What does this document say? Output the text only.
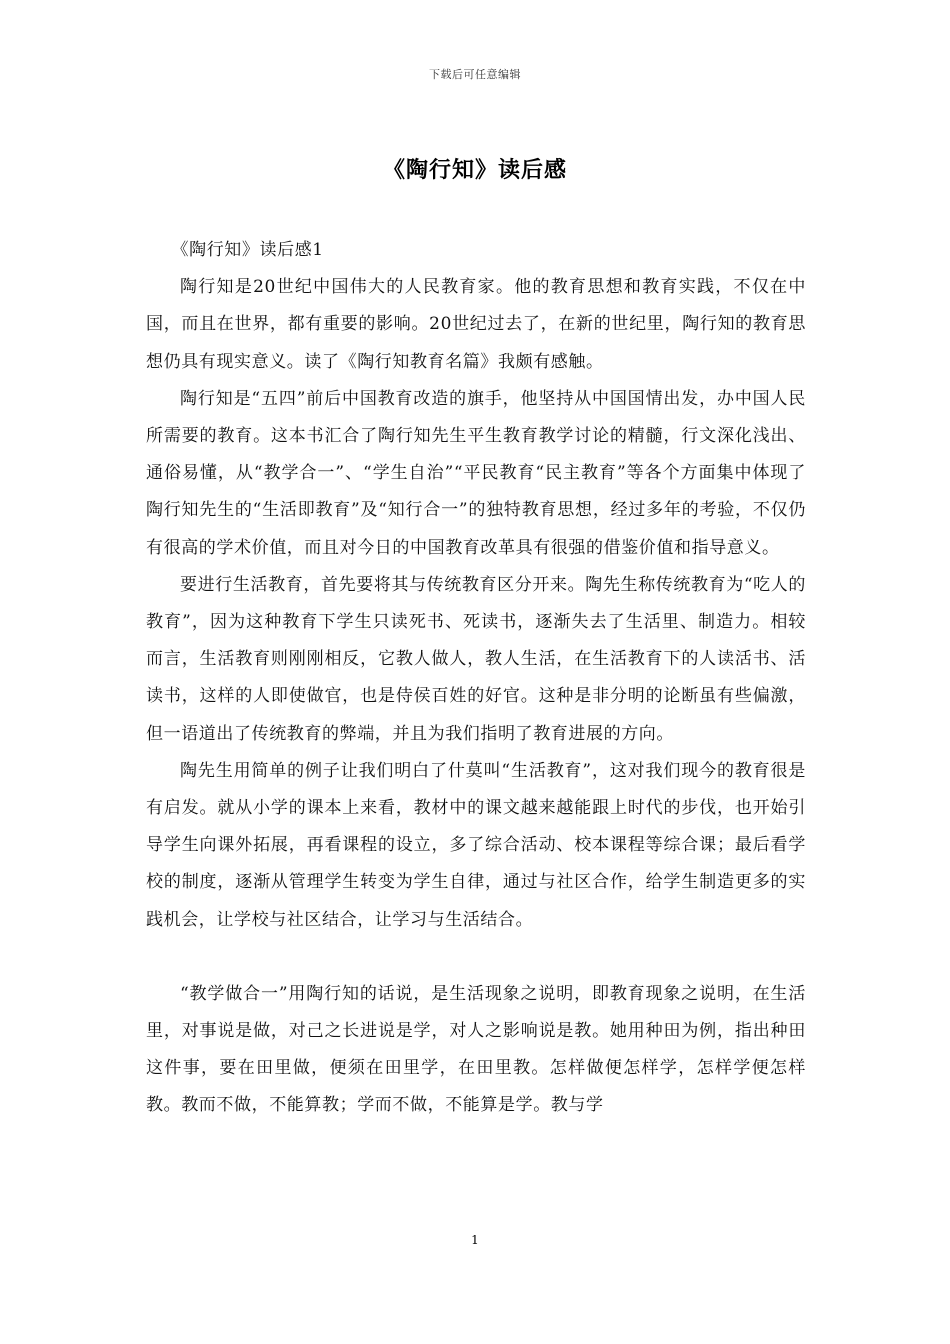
下载后可任意编辑
《陶行知》读后感

《陶行知》读后感1

陶行知是20世纪中国伟大的人民教育家。他的教育思想和教育实践，不仅在中国，而且在世界，都有重要的影响。20世纪过去了，在新的世纪里，陶行知的教育思想仍具有现实意义。读了《陶行知教育名篇》我颇有感触。

陶行知是“五四”前后中国教育改造的旗手，他坚持从中国国情出发，办中国人民所需要的教育。这本书汇合了陶行知先生平生教育教学讨论的精髓，行文深化浅出、通俗易懂，从“教学合一”、“学生自治”“平民教育“民主教育”等各个方面集中体现了陶行知先生的“生活即教育”及“知行合一”的独特教育思想，经过多年的考验，不仅仍有很高的学术价值，而且对今日的中国教育改革具有很强的借鉴价值和指导意义。

要进行生活教育，首先要将其与传统教育区分开来。陶先生称传统教育为“吃人的教育”，因为这种教育下学生只读死书、死读书，逐渐失去了生活里、制造力。相较而言，生活教育则刚刚相反，它教人做人，教人生活，在生活教育下的人读活书、活读书，这样的人即使做官，也是侍侯百姓的好官。这种是非分明的论断虽有些偏激，但一语道出了传统教育的弊端，并且为我们指明了教育进展的方向。

陶先生用简单的例子让我们明白了什莫叫“生活教育”，这对我们现今的教育很是有启发。就从小学的课本上来看，教材中的课文越来越能跟上时代的步伐，也开始引导学生向课外拓展，再看课程的设立，多了综合活动、校本课程等综合课；最后看学校的制度，逐渐从管理学生转变为学生自律，通过与社区合作，给学生制造更多的实践机会，让学校与社区结合，让学习与生活结合。

“教学做合一”用陶行知的话说，是生活现象之说明，即教育现象之说明，在生活里，对事说是做，对己之长进说是学，对人之影响说是教。她用种田为例，指出种田这件事，要在田里做，便须在田里学，在田里教。怎样做便怎样学，怎样学便怎样教。教而不做，不能算教；学而不做，不能算是学。教与学

1
